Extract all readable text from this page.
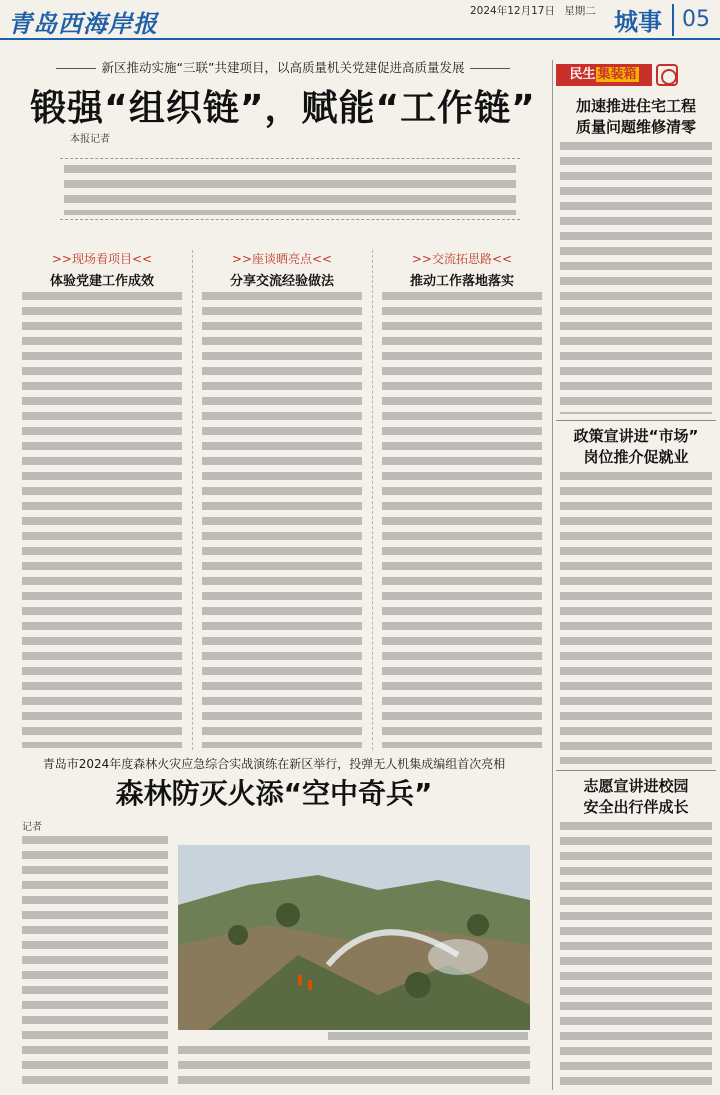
青岛西海岸报	2024年12月17日 星期二 城事 05
新区推动实施“三联”共建项目，以高质量机关党建促进高质量发展
锻强“组织链”，赋能“工作链”
本报记者
>>现场看项目<<
体验党建工作成效
>>座谈晒亮点<<
分享交流经验做法
>>交流拓思路<<
推动工作落地落实
青岛市2024年度森林火灾应急综合实战演练在新区举行，投弹无人机集成编组首次亮相
森林防灭火添“空中奇兵”
记者
民生 集装箱
加速推进住宅工程
质量问题维修清零
政策宣讲进“市场”
岗位推介促就业
志愿宣讲进校园
安全出行伴成长
